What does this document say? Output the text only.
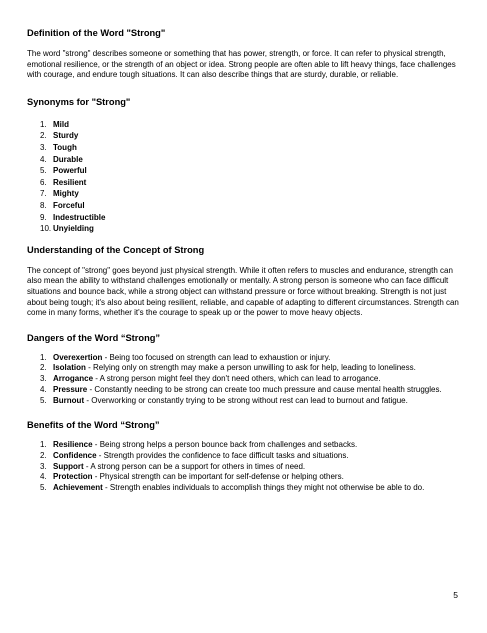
Definition of the Word "Strong"

The word "strong" describes someone or something that has power, strength, or force. It can refer to physical strength, emotional resilience, or the strength of an object or idea. Strong people are often able to lift heavy things, face challenges with courage, and endure tough situations. It can also describe things that are sturdy, durable, or reliable.

Synonyms for "Strong"
1. Mild
2. Sturdy
3. Tough
4. Durable
5. Powerful
6. Resilient
7. Mighty
8. Forceful
9. Indestructible
10. Unyielding
Understanding of the Concept of Strong

The concept of "strong" goes beyond just physical strength. While it often refers to muscles and endurance, strength can also mean the ability to withstand challenges emotionally or mentally. A strong person is someone who can face difficult situations and bounce back, while a strong object can withstand pressure or force without breaking. Strength is not just about being tough; it's also about being resilient, reliable, and capable of adapting to different circumstances. Strength can come in many forms, whether it's the courage to speak up or the power to move heavy objects.

Dangers of the Word “Strong”
1. Overexertion - Being too focused on strength can lead to exhaustion or injury.
2. Isolation - Relying only on strength may make a person unwilling to ask for help, leading to loneliness.
3. Arrogance - A strong person might feel they don't need others, which can lead to arrogance.
4. Pressure - Constantly needing to be strong can create too much pressure and cause mental health struggles.
5. Burnout - Overworking or constantly trying to be strong without rest can lead to burnout and fatigue.
Benefits of the Word “Strong”
1. Resilience - Being strong helps a person bounce back from challenges and setbacks.
2. Confidence - Strength provides the confidence to face difficult tasks and situations.
3. Support - A strong person can be a support for others in times of need.
4. Protection - Physical strength can be important for self-defense or helping others.
5. Achievement - Strength enables individuals to accomplish things they might not otherwise be able to do.
5
